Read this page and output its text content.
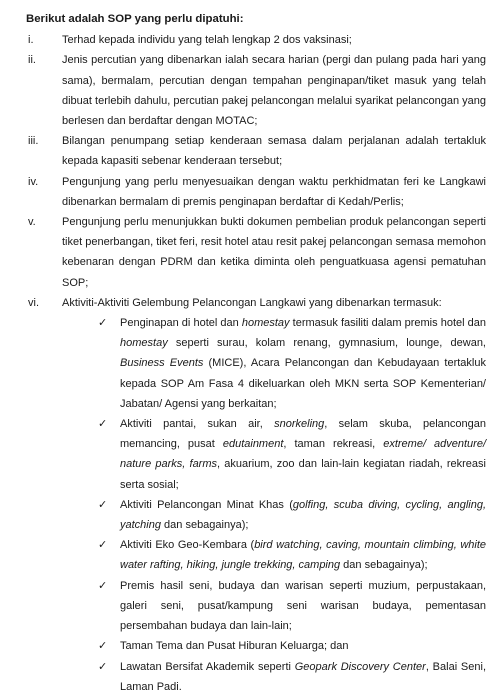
Berikut adalah SOP yang perlu dipatuhi:
i.	Terhad kepada individu yang telah lengkap 2 dos vaksinasi;
ii. Jenis percutian yang dibenarkan ialah secara harian (pergi dan pulang pada hari yang sama), bermalam, percutian dengan tempahan penginapan/tiket masuk yang telah dibuat terlebih dahulu, percutian pakej pelancongan melalui syarikat pelancongan yang berlesen dan berdaftar dengan MOTAC;
iii. Bilangan penumpang setiap kenderaan semasa dalam perjalanan adalah tertakluk kepada kapasiti sebenar kenderaan tersebut;
iv. Pengunjung yang perlu menyesuaikan dengan waktu perkhidmatan feri ke Langkawi dibenarkan bermalam di premis penginapan berdaftar di Kedah/Perlis;
v. Pengunjung perlu menunjukkan bukti dokumen pembelian produk pelancongan seperti tiket penerbangan, tiket feri, resit hotel atau resit pakej pelancongan semasa memohon kebenaran dengan PDRM dan ketika diminta oleh penguatkuasa agensi pematuhan SOP;
vi. Aktiviti-Aktiviti Gelembung Pelancongan Langkawi yang dibenarkan termasuk:
✓ Penginapan di hotel dan homestay termasuk fasiliti dalam premis hotel dan homestay seperti surau, kolam renang, gymnasium, lounge, dewan, Business Events (MICE), Acara Pelancongan dan Kebudayaan tertakluk kepada SOP Am Fasa 4 dikeluarkan oleh MKN serta SOP Kementerian/ Jabatan/ Agensi yang berkaitan;
✓ Aktiviti pantai, sukan air, snorkeling, selam skuba, pelancongan memancing, pusat edutainment, taman rekreasi, extreme/ adventure/ nature parks, farms, akuarium, zoo dan lain-lain kegiatan riadah, rekreasi serta sosial;
✓ Aktiviti Pelancongan Minat Khas (golfing, scuba diving, cycling, angling, yatching dan sebagainya);
✓ Aktiviti Eko Geo-Kembara (bird watching, caving, mountain climbing, white water rafting, hiking, jungle trekking, camping dan sebagainya);
✓ Premis hasil seni, budaya dan warisan seperti muzium, perpustakaan, galeri seni, pusat/kampung seni warisan budaya, pementasan persembahan budaya dan lain-lain;
✓ Taman Tema dan Pusat Hiburan Keluarga; dan
✓ Lawatan Bersifat Akademik seperti Geopark Discovery Center, Balai Seni, Laman Padi.
